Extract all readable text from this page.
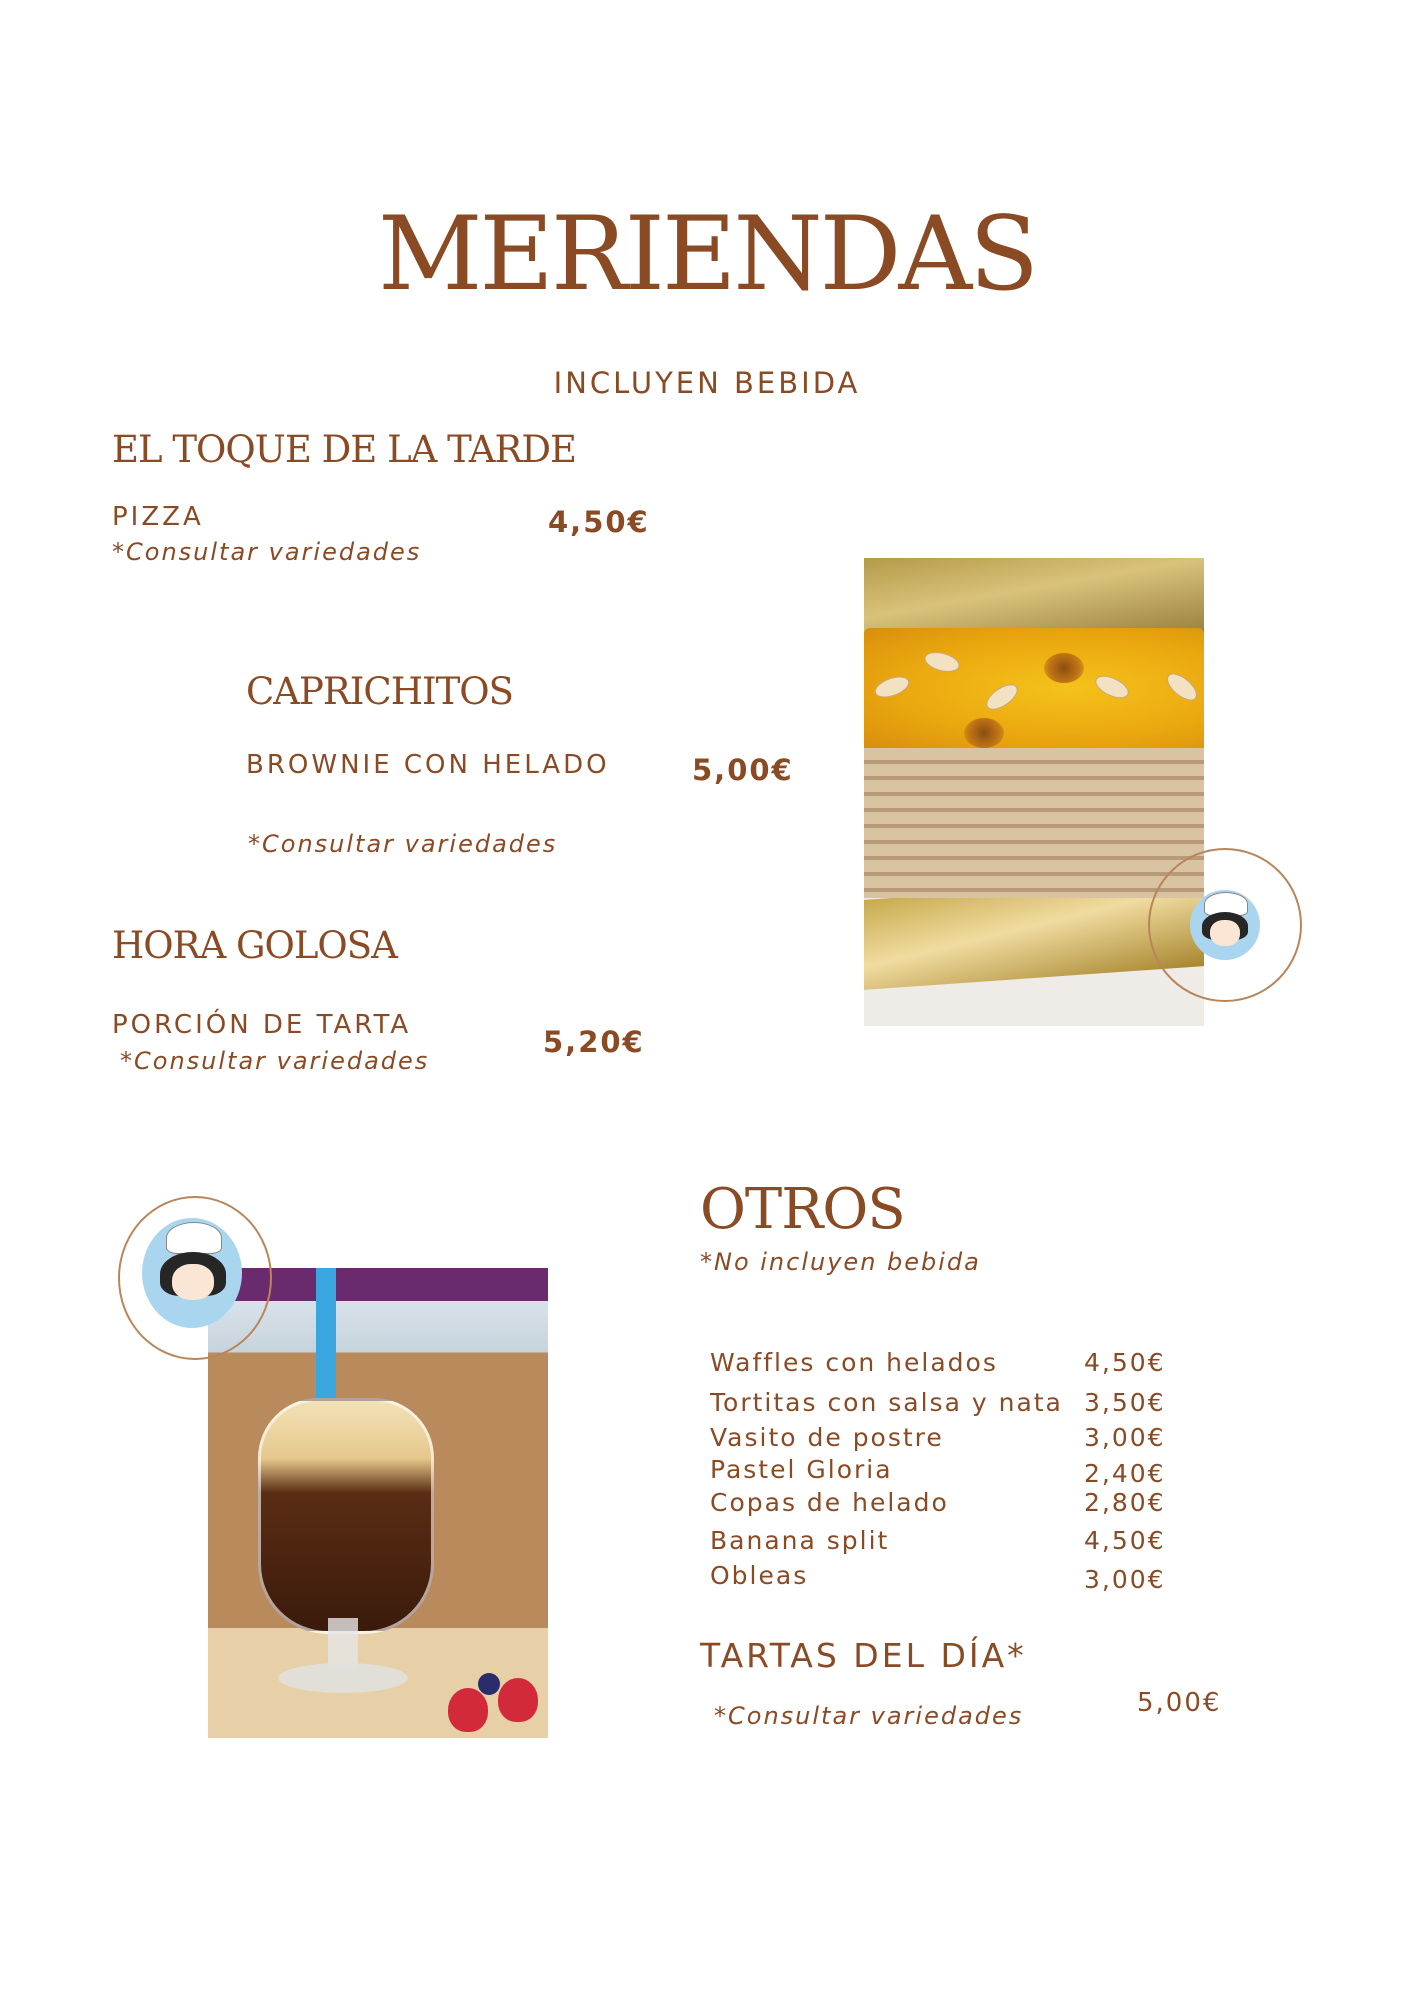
MERIENDAS
INCLUYEN BEBIDA
EL TOQUE DE LA TARDE
PIZZA
*Consultar variedades
4,50€
CAPRICHITOS
BROWNIE CON HELADO	5,00€
*Consultar variedades
HORA GOLOSA
PORCIÓN DE TARTA
*Consultar variedades
5,20€
OTROS
*No incluyen bebida
Waffles con helados	4,50€
Tortitas con salsa y nata 3,50€
Vasito de postre	3,00€
Pastel Gloria	2,40€
Copas de helado	2,80€
Banana split	4,50€
Obleas	3,00€
TARTAS DEL DÍA*
*Consultar variedades	5,00€
